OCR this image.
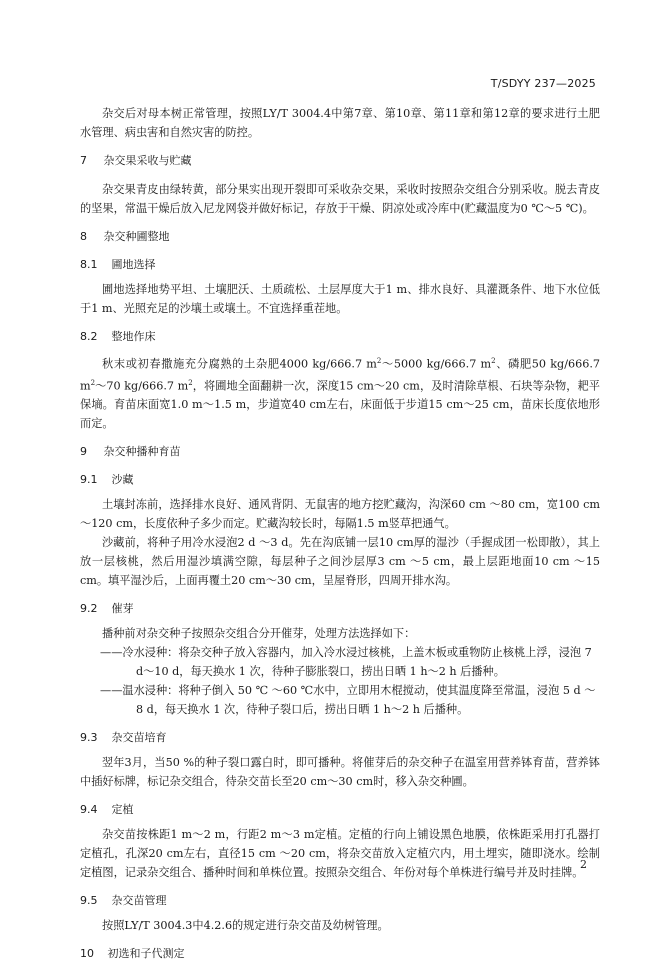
T/SDYY 237—2025

杂交后对母本树正常管理，按照LY/T 3004.4中第7章、第10章、第11章和第12章的要求进行土肥水管理、病虫害和自然灾害的防控。

7 杂交果采收与贮藏

杂交果青皮由绿转黄，部分果实出现开裂即可采收杂交果，采收时按照杂交组合分别采收。脱去青皮的坚果，常温干燥后放入尼龙网袋并做好标记，存放于干燥、阴凉处或冷库中(贮藏温度为0 ℃～5 ℃)。

8 杂交种圃整地
8.1 圃地选择

圃地选择地势平坦、土壤肥沃、土质疏松、土层厚度大于1 m、排水良好、具灌溉条件、地下水位低于1 m、光照充足的沙壤土或壤土。不宜选择重茬地。

8.2 整地作床

秋末或初春撒施充分腐熟的土杂肥4000 kg/666.7 $m^2\sim 5000$ kg/666.7 $m^2$、磷肥50 kg/666.7 $m^2\sim 70$ kg/666.7 $m^2$，将圃地全面翻耕一次，深度15 cm～20 cm，及时清除草根、石块等杂物，耙平保墒。育苗床面宽1.0 m～1.5 m，步道宽40 cm左右，床面低于步道15 cm～25 cm，苗床长度依地形而定。

9 杂交种播种育苗
9.1 沙藏

土壤封冻前，选择排水良好、通风背阴、无鼠害的地方挖贮藏沟，沟深60 cm ～80 cm，宽100 cm～120 cm，长度依种子多少而定。贮藏沟较长时，每隔1.5 m竖草把通气。

沙藏前，将种子用冷水浸泡2 d ～3 d。先在沟底铺一层10 cm厚的湿沙（手握成团一松即散），其上放一层核桃，然后用湿沙填满空隙，每层种子之间沙层厚3 cm ～5 cm，最上层距地面10 cm ～15 cm。填平湿沙后，上面再覆土20 cm～30 cm，呈屋脊形，四周开排水沟。

9.2 催芽

播种前对杂交种子按照杂交组合分开催芽，处理方法选择如下：

——冷水浸种：将杂交种子放入容器内，加入冷水浸过核桃，上盖木板或重物防止核桃上浮，浸泡 7 d～10 d，每天换水 1 次，待种子膨胀裂口，捞出日晒 1 h～2 h 后播种。

——温水浸种：将种子倒入 50 ℃ ～60 ℃水中，立即用木棍搅动，使其温度降至常温，浸泡 5 d ～8 d，每天换水 1 次，待种子裂口后，捞出日晒 1 h～2 h 后播种。

9.3 杂交苗培育

翌年3月，当50 %的种子裂口露白时，即可播种。将催芽后的杂交种子在温室用营养钵育苗，营养钵中插好标牌，标记杂交组合，待杂交苗长至20 cm～30 cm时，移入杂交种圃。

9.4 定植

杂交苗按株距1 m～2 m，行距2 m～3 m定植。定植的行向上铺设黑色地膜，依株距采用打孔器打定植孔，孔深20 cm左右，直径15 cm ～20 cm，将杂交苗放入定植穴内，用土埋实，随即浇水。绘制定植图，记录杂交组合、播种时间和单株位置。按照杂交组合、年份对每个单株进行编号并及时挂牌。

9.5 杂交苗管理

按照LY/T 3004.3中4.2.6的规定进行杂交苗及幼树管理。

10 初选和子代测定
2
